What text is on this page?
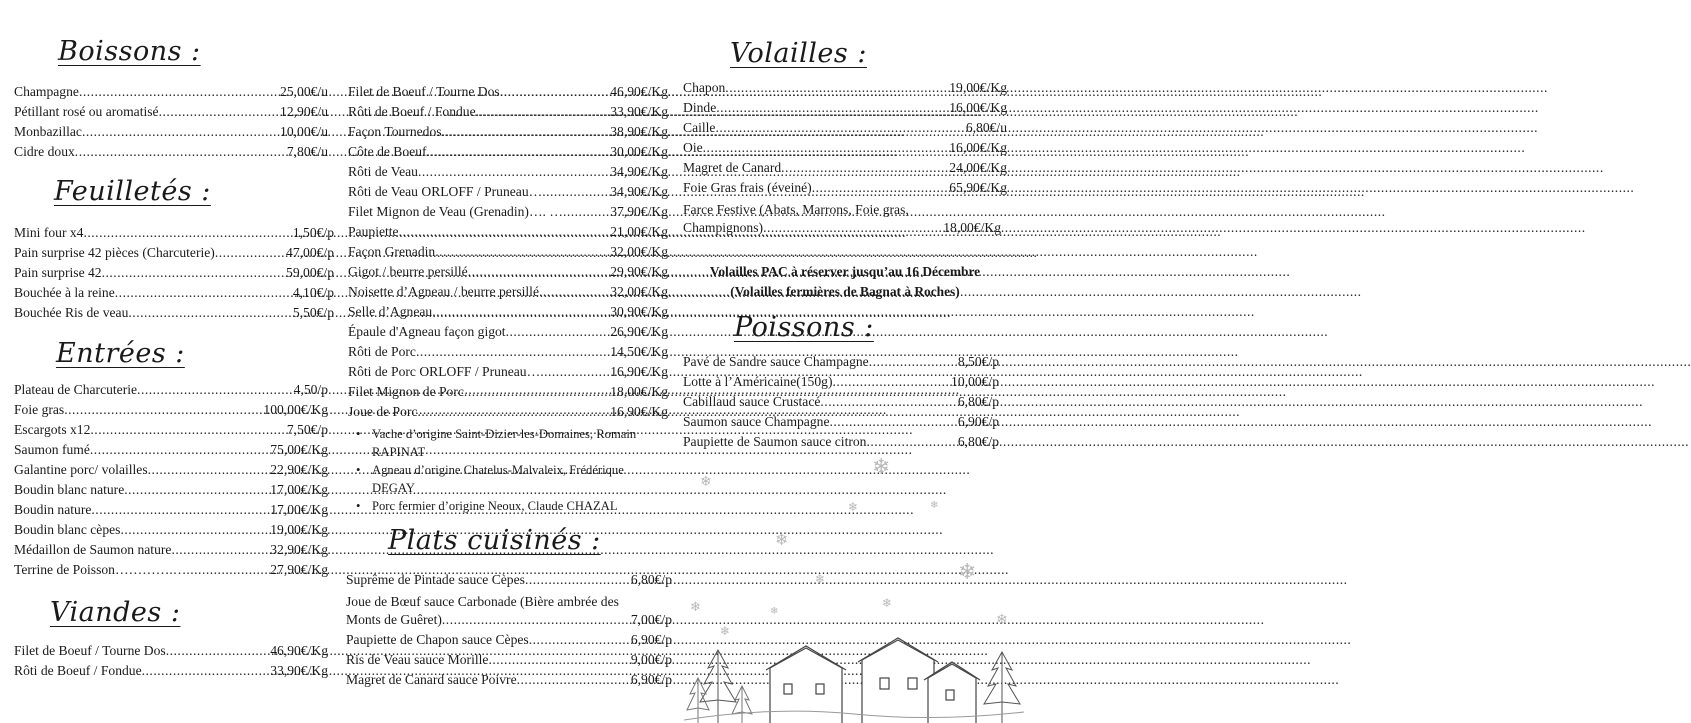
Boissons :
Champagne .....	25,00€/u
Pétillant rosé ou aromatisé .....	12,90€/u
Monbazillac .....	10,00€/u
Cidre doux .....	7,80€/u
Feuilletés :
Mini four x4 .....	1,50€/p
Pain surprise 42 pièces (Charcuterie) .....	47,00€/p
Pain surprise 42 .....	59,00€/p
Bouchée à la reine .....	4,10€/p
Bouchée Ris de veau .....	5,50€/p
Entrées :
Plateau de Charcuterie .....	4,50/p
Foie gras .....	100,00€/Kg
Escargots x12 .....	7,50€/p
Saumon fumé .....	75,00€/Kg
Galantine porc/ volailles .....	22,90€/Kg
Boudin blanc nature .....	17,00€/Kg
Boudin nature .....	17,00€/Kg
Boudin blanc cèpes .....	19,00€/Kg
Médaillon de Saumon nature .....	32,90€/Kg
Terrine de Poisson………….… .....	27,90€/Kg
Viandes :
Filet de Boeuf / Tourne Dos .....	46,90€/Kg
Rôti de Boeuf / Fondue .....	33,90€/Kg
Filet de Boeuf / Tourne Dos .....	46,90€/Kg
Rôti de Boeuf / Fondue .....	33,90€/Kg
Façon Tournedos .....	38,90€/Kg
Côte de Boeuf .....	30,00€/Kg
Rôti de Veau .....	34,90€/Kg
Rôti de Veau ORLOFF / Pruneau… .....	34,90€/Kg
Filet Mignon de Veau (Grenadin)…. … .....	37,90€/Kg
Paupiette .....	21,00€/Kg
Façon Grenadin .....	32,00€/Kg
Gigot / beurre persillé .....	29,90€/Kg
Noisette d’Agneau / beurre persillé .....	32,00€/Kg
Selle d’Agneau .....	30,90€/Kg
Épaule d'Agneau façon gigot .....	26,90€/Kg
Rôti de Porc .....	14,50€/Kg
Rôti de Porc ORLOFF / Pruneau… .....	16,90€/Kg
Filet Mignon de Porc .....	18,00€/Kg
Joue de Porc .....	16,90€/Kg
• Vache d’origine Saint-Dizier-les-Domaines, Romain
RAPINAT
• Agneau d’origine Chatelus-Malvaleix, Frédérique
DEGAY
• Porc fermier d’origine Neoux, Claude CHAZAL
Plats cuisinés :
Suprême de Pintade sauce Cèpes .....	6,80€/p
Joue de Bœuf sauce Carbonade (Bière ambrée des
Monts de Guêret) .....	7,00€/p
Paupiette de Chapon sauce Cèpes .....	6,90€/p
Ris de Veau sauce Morille .....	9,00€/p
Magret de Canard sauce Poivre .....	6,90€/p
Volailles :
Chapon .....	19,00€/Kg
Dinde .....	16,00€/Kg
Caille .....	6,80€/u
Oie .....	16,00€/Kg
Magret de Canard .....	24,00€/Kg
Foie Gras frais (éveiné) .....	65,90€/Kg
Farce Festive (Abats, Marrons, Foie gras,
Champignons) .....	18,00€/Kg
Volailles PAC à réserver jusqu’au 16 Décembre
(Volailles fermières de Bagnat à Roches)
Poissons :
Pavé de Sandre sauce Champagne .....	8,50€/p
Lotte à l’Américaine(150g) .....	10,00€/p
Cabillaud sauce Crustacé .....	6,80€/p
Saumon sauce Champagne .....	6,90€/p
Paupiette de Saumon sauce citron .....	6,80€/p
❄
❄
❄	❄
❄
❄
❄
❄	❄
❄
❄
❄
